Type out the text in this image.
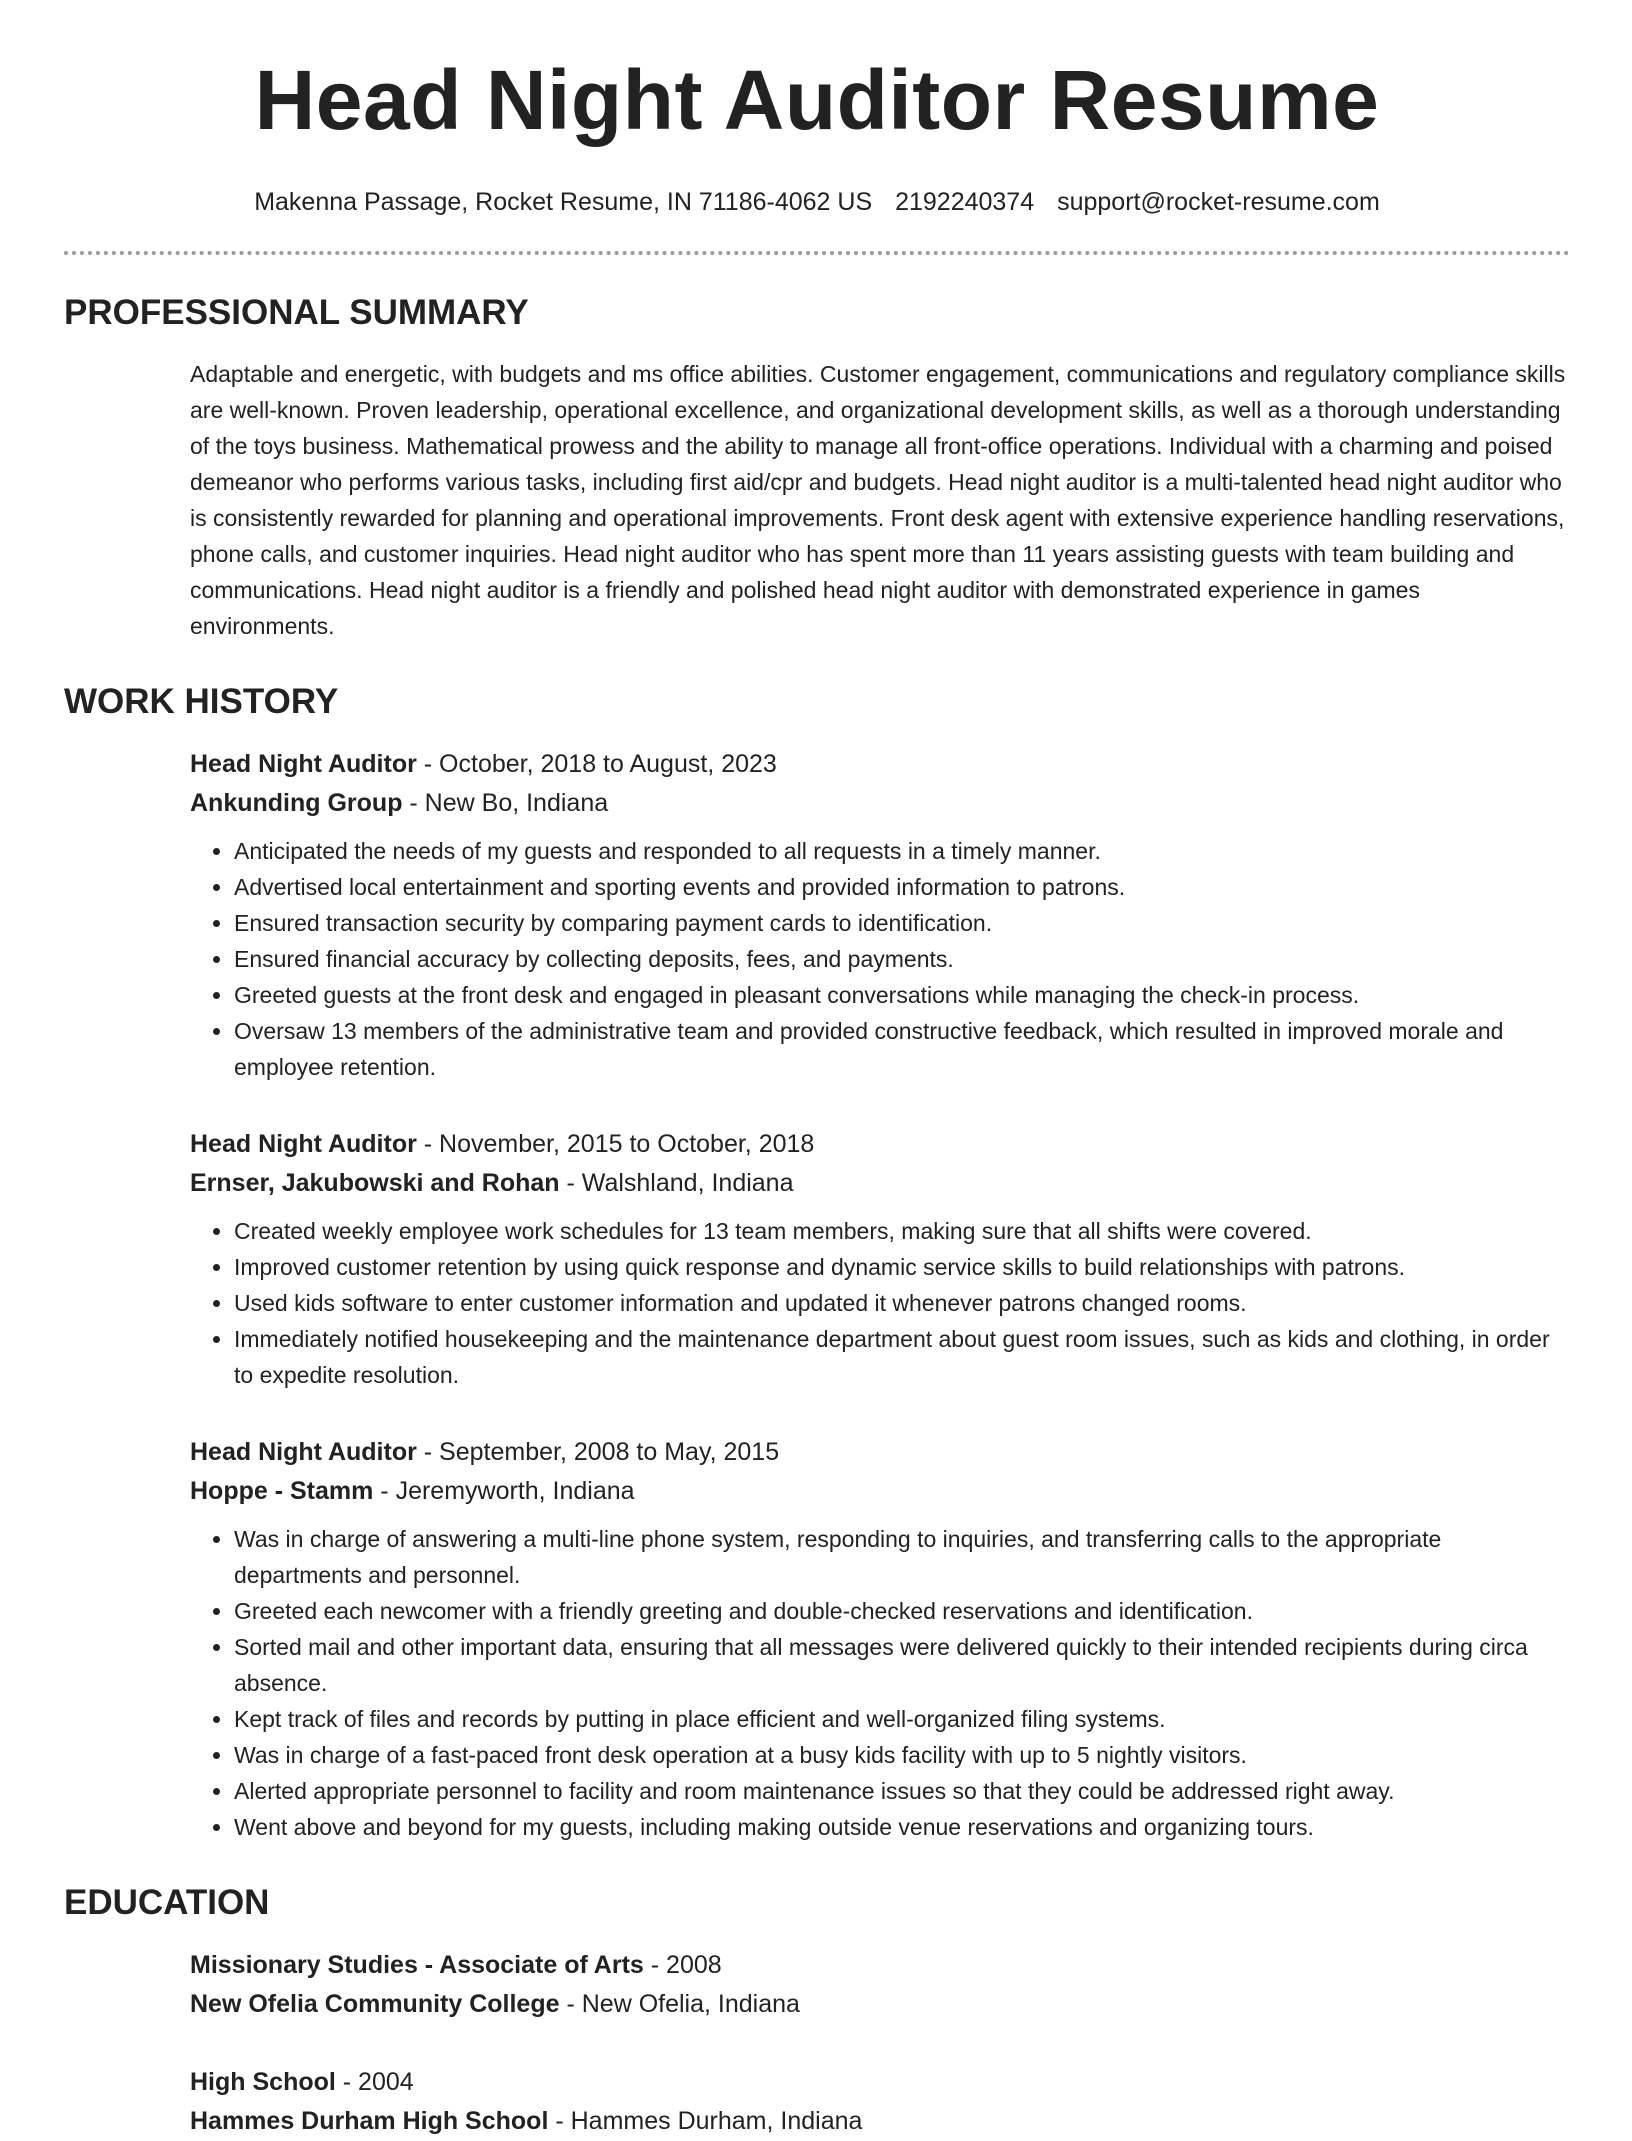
Head Night Auditor Resume
Makenna Passage, Rocket Resume, IN 71186-4062 US 2192240374 support@rocket-resume.com
PROFESSIONAL SUMMARY

Adaptable and energetic, with budgets and ms office abilities. Customer engagement, communications and regulatory compliance skills are well-known. Proven leadership, operational excellence, and organizational development skills, as well as a thorough understanding of the toys business. Mathematical prowess and the ability to manage all front-office operations. Individual with a charming and poised demeanor who performs various tasks, including first aid/cpr and budgets. Head night auditor is a multi-talented head night auditor who is consistently rewarded for planning and operational improvements. Front desk agent with extensive experience handling reservations, phone calls, and customer inquiries. Head night auditor who has spent more than 11 years assisting guests with team building and communications. Head night auditor is a friendly and polished head night auditor with demonstrated experience in games environments.

WORK HISTORY
Head Night Auditor - October, 2018 to August, 2023
Ankunding Group - New Bo, Indiana
• Anticipated the needs of my guests and responded to all requests in a timely manner.
• Advertised local entertainment and sporting events and provided information to patrons.
• Ensured transaction security by comparing payment cards to identification.
• Ensured financial accuracy by collecting deposits, fees, and payments.
• Greeted guests at the front desk and engaged in pleasant conversations while managing the check-in process.
• Oversaw 13 members of the administrative team and provided constructive feedback, which resulted in improved morale and employee retention.
Head Night Auditor - November, 2015 to October, 2018
Ernser, Jakubowski and Rohan - Walshland, Indiana
• Created weekly employee work schedules for 13 team members, making sure that all shifts were covered.
• Improved customer retention by using quick response and dynamic service skills to build relationships with patrons.
• Used kids software to enter customer information and updated it whenever patrons changed rooms.
• Immediately notified housekeeping and the maintenance department about guest room issues, such as kids and clothing, in order to expedite resolution.
Head Night Auditor - September, 2008 to May, 2015
Hoppe - Stamm - Jeremyworth, Indiana
• Was in charge of answering a multi-line phone system, responding to inquiries, and transferring calls to the appropriate departments and personnel.
• Greeted each newcomer with a friendly greeting and double-checked reservations and identification.
• Sorted mail and other important data, ensuring that all messages were delivered quickly to their intended recipients during circa absence.
• Kept track of files and records by putting in place efficient and well-organized filing systems.
• Was in charge of a fast-paced front desk operation at a busy kids facility with up to 5 nightly visitors.
• Alerted appropriate personnel to facility and room maintenance issues so that they could be addressed right away.
• Went above and beyond for my guests, including making outside venue reservations and organizing tours.
EDUCATION
Missionary Studies - Associate of Arts - 2008
New Ofelia Community College - New Ofelia, Indiana
High School - 2004
Hammes Durham High School - Hammes Durham, Indiana
